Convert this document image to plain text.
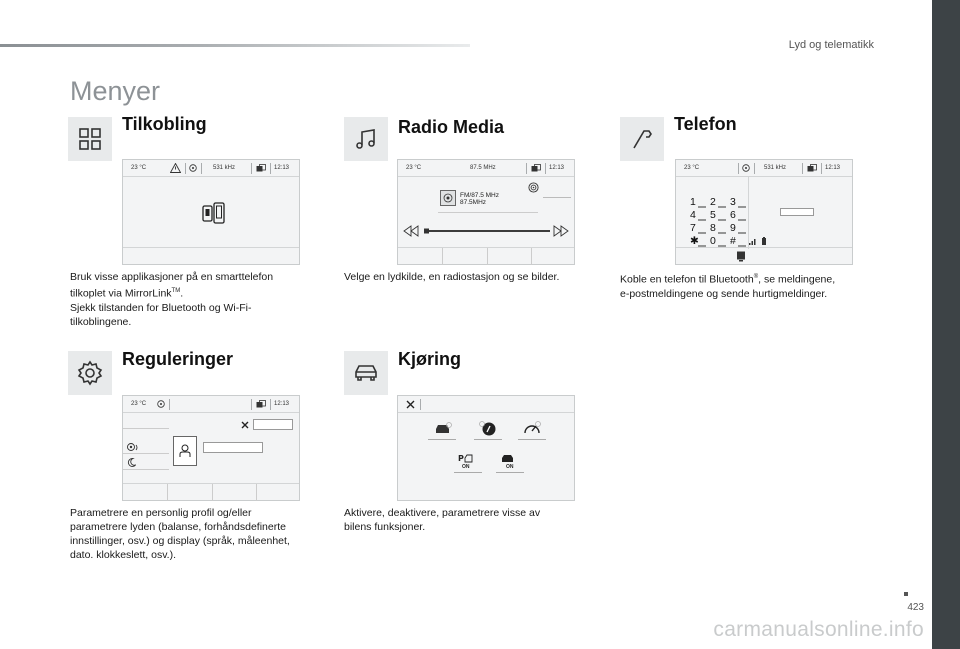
Lyd og telematikk
Menyer
Tilkobling
23 °C	531 kHz	12:13
Bruk visse applikasjoner på en smarttelefon
tilkoplet via MirrorLink™.
Sjekk tilstanden for Bluetooth og Wi-Fi-
tilkoblingene.
Radio Media
23 °C	87.5 MHz	12:13
FM/87.5 MHz
87.5MHz
Velge en lydkilde, en radiostasjon og se bilder.
Telefon
23 °C	531 kHz	12:13
1	2	3
4	5	6
7	8	9
✱	0	#
Koble en telefon til Bluetooth®, se meldingene,
e-postmeldingene og sende hurtigmeldinger.
Reguleringer
23 °C	12:13
Parametrere en personlig profil og/eller
parametrere lyden (balanse, forhåndsdefinerte
innstillinger, osv.) og display (språk, måleenhet,
dato. klokkeslett, osv.).
Kjøring
P
ON	ON
Aktivere, deaktivere, parametrere visse av
bilens funksjoner.
423
carmanualsonline.info
